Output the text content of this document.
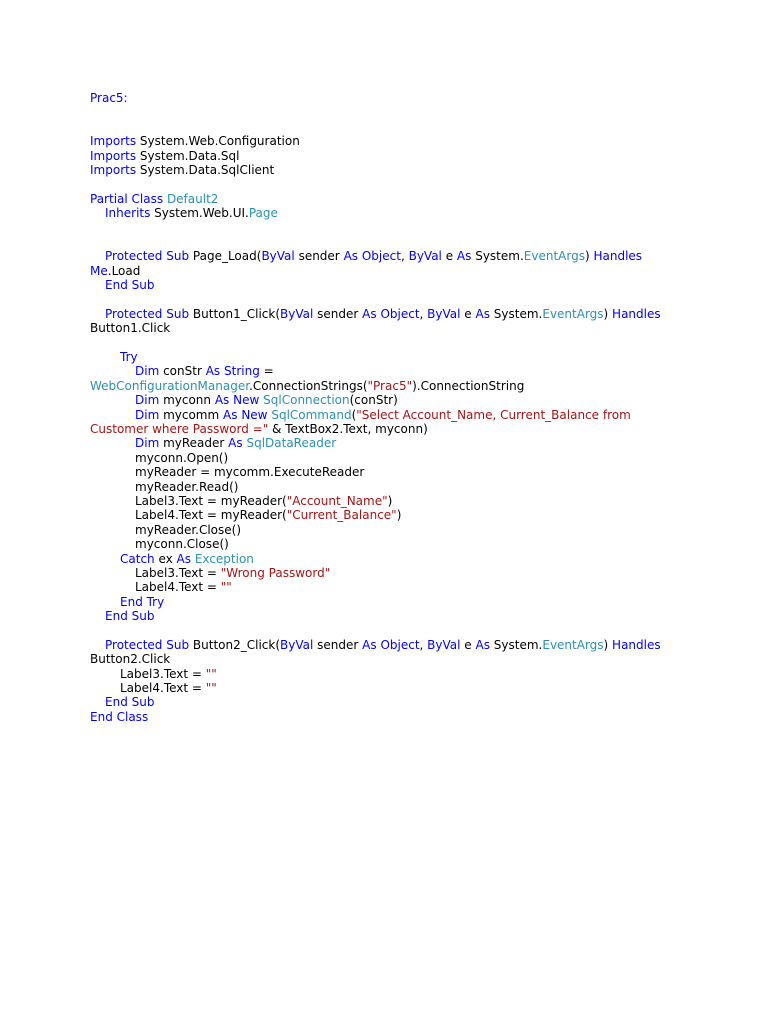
Prac5:
Imports System.Web.Configuration
Imports System.Data.Sql
Imports System.Data.SqlClient
Partial Class Default2
Inherits System.Web.UI.Page
Protected Sub Page_Load(ByVal sender As Object, ByVal e As System.EventArgs) Handles
Me.Load
End Sub
Protected Sub Button1_Click(ByVal sender As Object, ByVal e As System.EventArgs) Handles
Button1.Click
Try
Dim conStr As String =
WebConfigurationManager.ConnectionStrings("Prac5").ConnectionString
Dim myconn As New SqlConnection(conStr)
Dim mycomm As New SqlCommand("Select Account_Name, Current_Balance from
Customer where Password =" & TextBox2.Text, myconn)
Dim myReader As SqlDataReader
myconn.Open()
myReader = mycomm.ExecuteReader
myReader.Read()
Label3.Text = myReader("Account_Name")
Label4.Text = myReader("Current_Balance")
myReader.Close()
myconn.Close()
Catch ex As Exception
Label3.Text = "Wrong Password"
Label4.Text = ""
End Try
End Sub
Protected Sub Button2_Click(ByVal sender As Object, ByVal e As System.EventArgs) Handles
Button2.Click
Label3.Text = ""
Label4.Text = ""
End Sub
End Class
